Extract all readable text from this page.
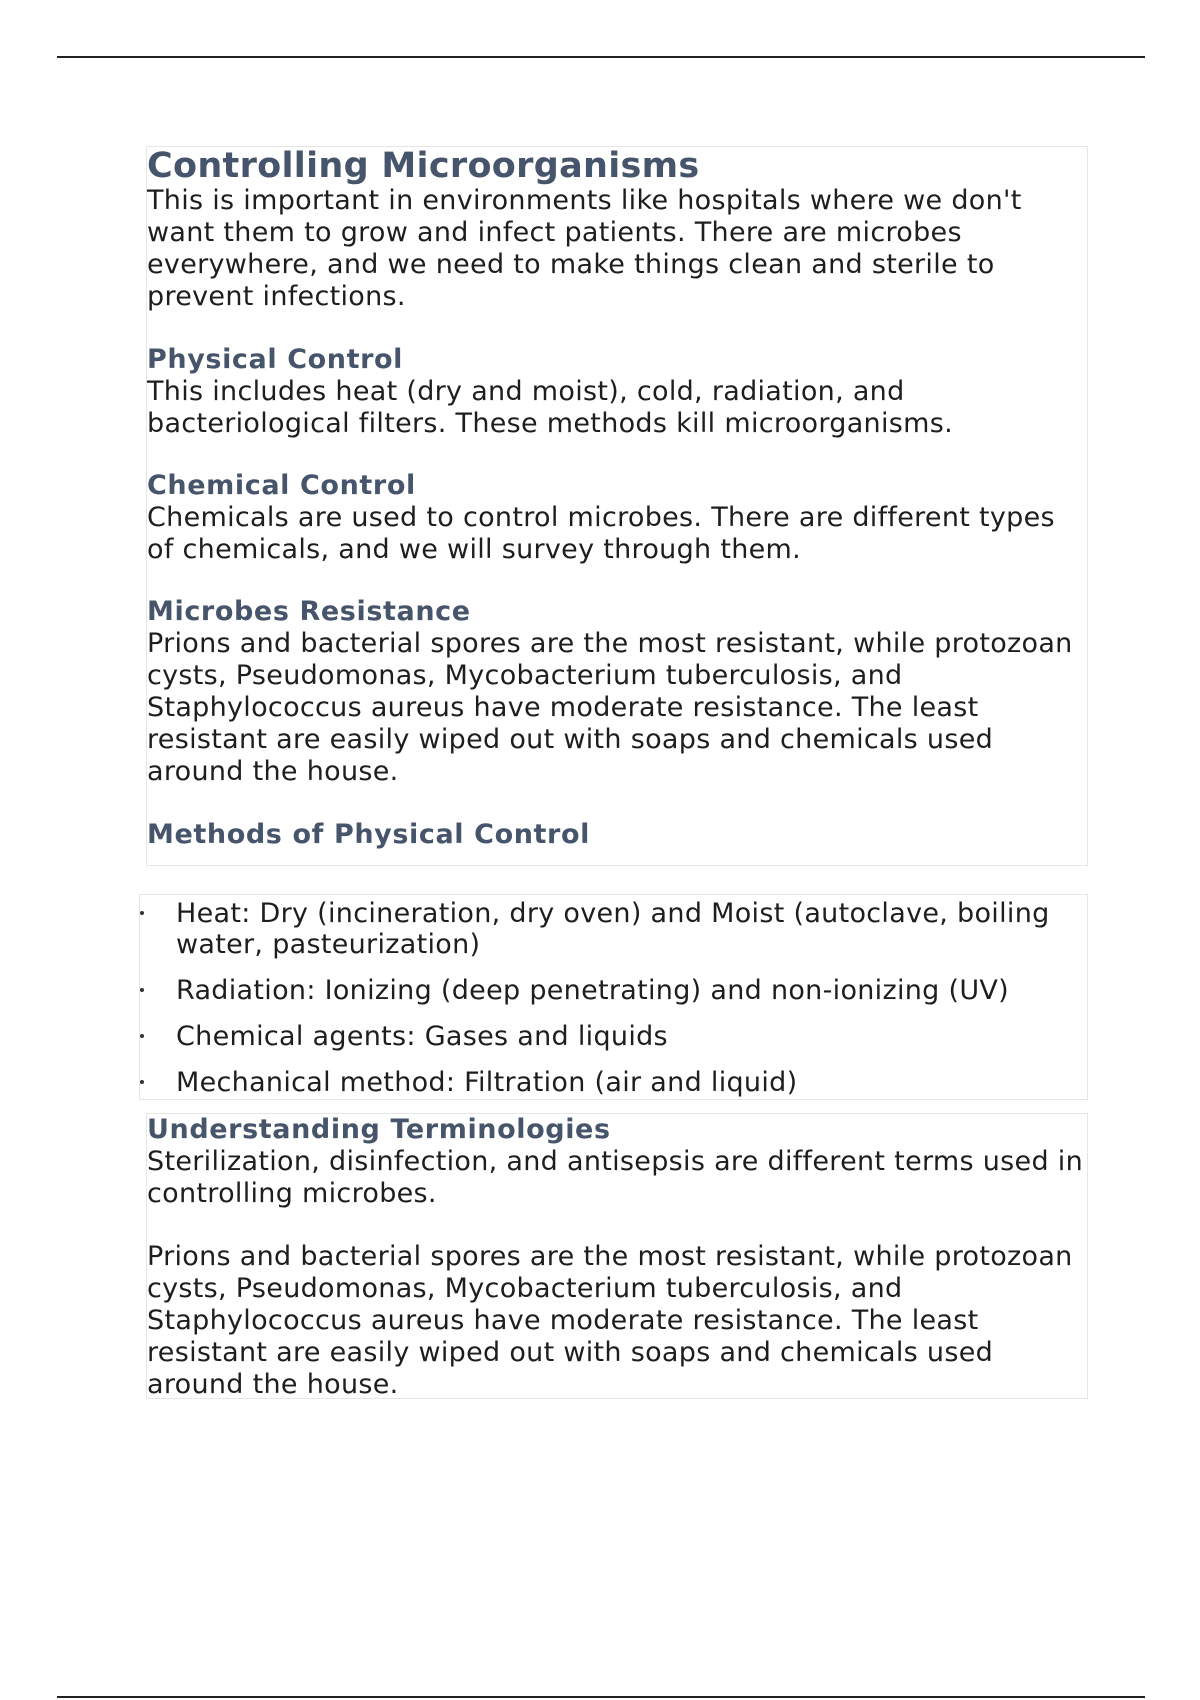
Controlling Microorganisms

This is important in environments like hospitals where we don't want them to grow and infect patients. There are microbes everywhere, and we need to make things clean and sterile to prevent infections.

Physical Control

This includes heat (dry and moist), cold, radiation, and bacteriological filters. These methods kill microorganisms.

Chemical Control

Chemicals are used to control microbes. There are different types of chemicals, and we will survey through them.

Microbes Resistance

Prions and bacterial spores are the most resistant, while protozoan cysts, Pseudomonas, Mycobacterium tuberculosis, and Staphylococcus aureus have moderate resistance. The least resistant are easily wiped out with soaps and chemicals used around the house.

Methods of Physical Control
Heat: Dry (incineration, dry oven) and Moist (autoclave, boiling water, pasteurization)
Radiation: Ionizing (deep penetrating) and non-ionizing (UV)
Chemical agents: Gases and liquids
Mechanical method: Filtration (air and liquid)
Understanding Terminologies

Sterilization, disinfection, and antisepsis are different terms used in controlling microbes.

Prions and bacterial spores are the most resistant, while protozoan cysts, Pseudomonas, Mycobacterium tuberculosis, and Staphylococcus aureus have moderate resistance. The least resistant are easily wiped out with soaps and chemicals used around the house.
